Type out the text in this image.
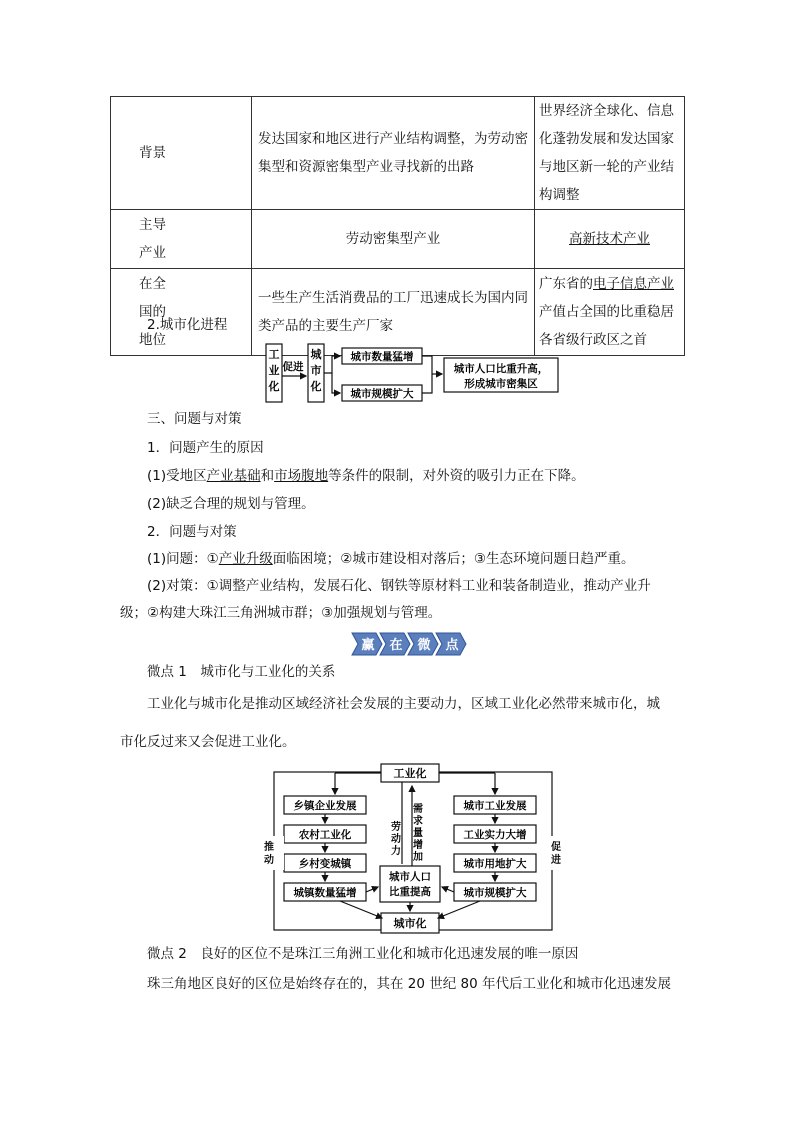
背景	发达国家和地区进行产业结构调整，为劳动密集型和资源密集型产业寻找新的出路	世界经济全球化、信息化蓬勃发展和发达国家与地区新一轮的产业结构调整

主导
产业	劳动密集型产业	高新技术产业

在全
国的
地位	一些生产生活消费品的工厂迅速成长为国内同类产品的主要生产厂家	广东省的电子信息产业产值占全国的比重稳居各省级行政区之首
2.城市化进程
工
业
化
促进
城
市
化
城市数量猛增
城市规模扩大
城市人口比重升高，
形成城市密集区
三、问题与对策
1．问题产生的原因
(1)受地区产业基础和市场腹地等条件的限制，对外资的吸引力正在下降。
(2)缺乏合理的规划与管理。
2．问题与对策
(1)问题：①产业升级面临困境；②城市建设相对落后；③生态环境问题日趋严重。
(2)对策：①调整产业结构，发展石化、钢铁等原材料工业和装备制造业，推动产业升
级；②构建大珠江三角洲城市群；③加强规划与管理。
赢 在 微 点
微点 1　城市化与工业化的关系
工业化与城市化是推动区域经济社会发展的主要动力，区域工业化必然带来城市化，城
市化反过来又会促进工业化。
工业化
城市化
乡镇企业发展
农村工业化
乡村变城镇
城镇数量猛增
城市工业发展
工业实力大增
城市用地扩大
城市规模扩大
城市人口
比重提高
劳
动
力
需
求
量
增
加
推
动
促
进
微点 2　良好的区位不是珠江三角洲工业化和城市化迅速发展的唯一原因
珠三角地区良好的区位是始终存在的，其在 20 世纪 80 年代后工业化和城市化迅速发展
